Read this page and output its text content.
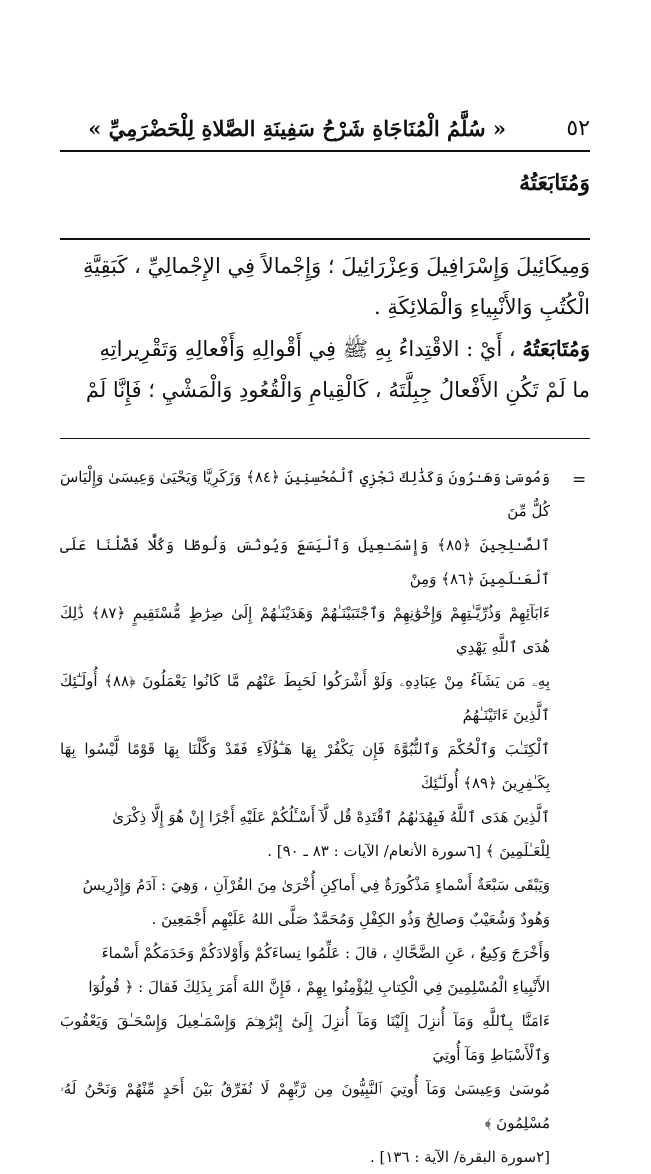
٥٢
« سُلَّمُ الْمُنَاجَاةِ شَرْحُ سَفِينَةِ الصَّلاةِ لِلْحَضْرَمِيِّ »
وَمُتَابَعَتُهُ

وَمِيكَائِيلَ وَإِسْرَافِيلَ وَعِزْرَائِيلَ ؛ وَإِجْمالاً فِي الإِجْمالِيِّ ، كَبَقِيَّةِ

الْكُتُبِ وَالأَنْبِياءِ وَالْمَلائِكَةِ .

وَمُتَابَعَتُهُ ، أَيْ : الاقْتِداءُ بِهِ ﷺ فِي أَقْوالِهِ وَأَفْعالِهِ وَتَقْرِيراتِهِ

ما لَمْ تَكُنِ الأَفْعالُ جِبِلَّتَهُ ، كَالْقِيامِ وَالْقُعُودِ وَالْمَشْيِ ؛ فَإِنَّا لَمْ

=

وَمُوسَىٰ وَهَـٰرُونَ وَكَذَٰلِكَ نَجْزِي ٱلْمُحْسِنِينَ ﴿٨٤﴾ وَزَكَرِيَّا وَيَحْيَىٰ وَعِيسَىٰ وَإِلْيَاسَ كُلٌّ مِّنَ

ٱلصَّـٰلِحِينَ ﴿٨٥﴾ وَإِسْمَـٰعِيلَ وَٱلْيَسَعَ وَيُونُسَ وَلُوطًا وَكُلًّا فَضَّلْنَا عَلَى ٱلْعَـٰلَمِينَ ﴿٨٦﴾ وَمِنْ

ءَابَآئِهِمْ وَذُرِّيَّـٰتِهِمْ وَإِخْوَٰنِهِمْ وَٱجْتَبَيْنَـٰهُمْ وَهَدَيْنَـٰهُمْ إِلَىٰ صِرَٰطٍ مُّسْتَقِيمٍ ﴿٨٧﴾ ذَٰلِكَ هُدَى ٱللَّهِ يَهْدِي

بِهِۦ مَن يَشَآءُ مِنْ عِبَادِهِۦ وَلَوْ أَشْرَكُوا لَحَبِطَ عَنْهُم مَّا كَانُوا يَعْمَلُونَ ﴿٨٨﴾ أُولَـٰٓئِكَ ٱلَّذِينَ ءَاتَيْنَـٰهُمُ

ٱلْكِتَـٰبَ وَٱلْحُكْمَ وَٱلنُّبُوَّةَ فَإِن يَكْفُرْ بِهَا هَـٰٓؤُلَآءِ فَقَدْ وَكَّلْنَا بِهَا قَوْمًا لَّيْسُوا بِهَا بِكَـٰفِرِينَ ﴿٨٩﴾ أُولَـٰٓئِكَ

ٱلَّذِينَ هَدَى ٱللَّهُ فَبِهُدَىٰهُمُ ٱقْتَدِهْ قُل لَّآ أَسْـَٔلُكُمْ عَلَيْهِ أَجْرًا إِنْ هُوَ إِلَّا ذِكْرَىٰ

لِلْعَـٰلَمِينَ ﴾ [٦سورة الأنعام/ الآيات : ٨٣ ـ ٩٠] .

وَيَبْقَى سَبْعَةٌ أَسْماءٍ مَذْكُورَةٌ فِي أَماكِنِ أُخْرَىٰ مِنَ القُرْآنِ ، وَهِيَ : آدَمُ وَإِدْرِيسُ

وَهُودٌ وَشُعَيْبٌ وَصالِحٌ وَذُو الكِفْلِ وَمُحَمَّدٌ صَلَّى اللهُ عَلَيْهِم أَجْمَعِينَ .

وَأَخْرَجَ وَكِيعٌ ، عَنِ الضَّحَّاكِ ، قالَ : عَلِّمُوا نِساءَكُمْ وَأَوْلادَكُمْ وَخَدَمَكُمْ أَسْماءَ

الأَنْبِياءِ الْمُسْلِمِينَ فِي الْكِتابِ لِيُؤْمِنُوا بِهِمْ ، فَإِنَّ اللهَ أَمَرَ بِذَلِكَ فَقالَ : ﴿ قُولُوٓا

ءَامَنَّا بِٱللَّهِ وَمَآ أُنزِلَ إِلَيْنَا وَمَآ أُنزِلَ إِلَىٰٓ إِبْرَٰهِـۧمَ وَإِسْمَـٰعِيلَ وَإِسْحَـٰقَ وَيَعْقُوبَ وَٱلْأَسْبَاطِ وَمَآ أُوتِيَ

مُوسَىٰ وَعِيسَىٰ وَمَآ أُوتِيَ ٱلنَّبِيُّونَ مِن رَّبِّهِمْ لَا نُفَرِّقُ بَيْنَ أَحَدٍ مِّنْهُمْ وَنَحْنُ لَهُۥ مُسْلِمُونَ ﴾

[٢سورة البقرة/ الآية : ١٣٦] .
